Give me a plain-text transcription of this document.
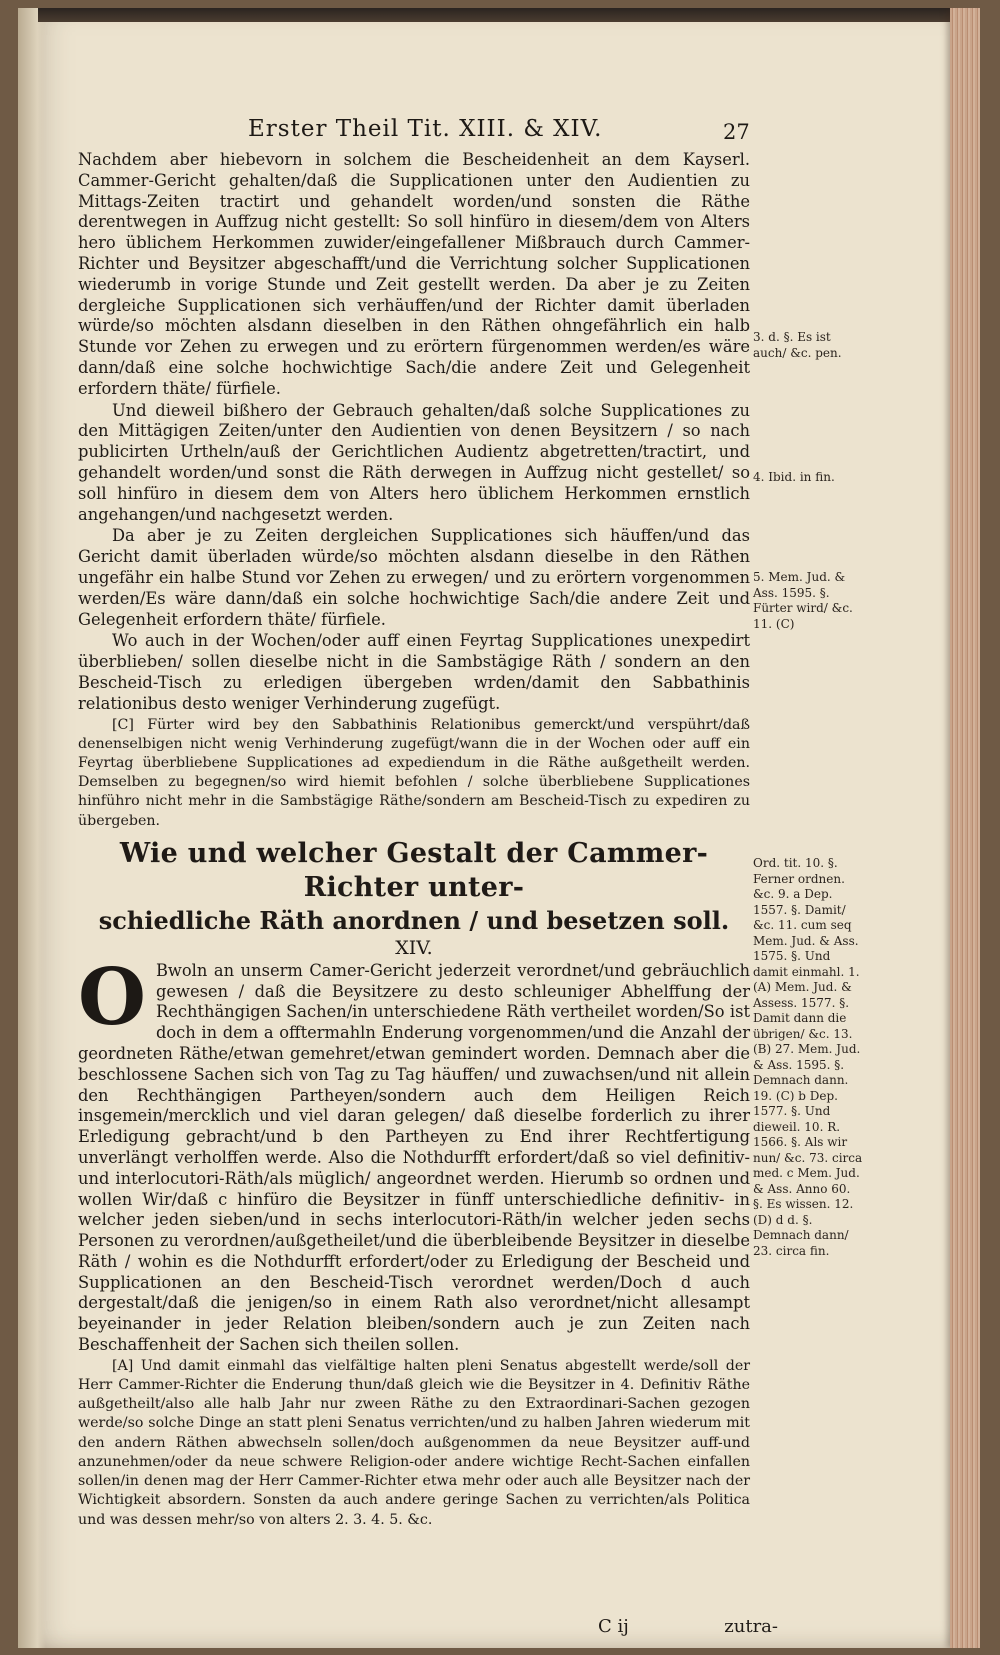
Erster Theil Tit. XIII. & XIV.	27

Nachdem aber hiebevorn in solchem die Bescheidenheit an dem Kayserl. Cammer-Gericht gehalten/daß die Supplicationen unter den Audientien zu Mittags-Zeiten tractirt und gehandelt worden/und sonsten die Räthe derentwegen in Auffzug nicht gestellt: So soll hinfüro in diesem/dem von Alters hero üblichem Herkommen zuwider/eingefallener Mißbrauch durch Cammer-Richter und Beysitzer abgeschafft/und die Verrichtung solcher Supplicationen wiederumb in vorige Stunde und Zeit gestellt werden. Da aber je zu Zeiten dergleiche Supplicationen sich verhäuffen/und der Richter damit überladen würde/so möchten alsdann dieselben in den Räthen ohngefährlich ein halb Stunde vor Zehen zu erwegen und zu erörtern fürgenommen werden/es wäre dann/daß eine solche hochwichtige Sach/die andere Zeit und Gelegenheit erfordern thäte/ fürfiele.

Und dieweil bißhero der Gebrauch gehalten/daß solche Supplicationes zu den Mittägigen Zeiten/unter den Audientien von denen Beysitzern / so nach publicirten Urtheln/auß der Gerichtlichen Audientz abgetretten/tractirt, und gehandelt worden/und sonst die Räth derwegen in Auffzug nicht gestellet/ so soll hinfüro in diesem dem von Alters hero üblichem Herkommen ernstlich angehangen/und nachgesetzt werden.

Da aber je zu Zeiten dergleichen Supplicationes sich häuffen/und das Gericht damit überladen würde/so möchten alsdann dieselbe in den Räthen ungefähr ein halbe Stund vor Zehen zu erwegen/ und zu erörtern vorgenommen werden/Es wäre dann/daß ein solche hochwichtige Sach/die andere Zeit und Gelegenheit erfordern thäte/ fürfiele.

Wo auch in der Wochen/oder auff einen Feyrtag Supplicationes unexpedirt überblieben/ sollen dieselbe nicht in die Sambstägige Räth / sondern an den Bescheid-Tisch zu erledigen übergeben wrden/damit den Sabbathinis relationibus desto weniger Verhinderung zugefügt.

[C] Fürter wird bey den Sabbathinis Relationibus gemerckt/und verspührt/daß denenselbigen nicht wenig Verhinderung zugefügt/wann die in der Wochen oder auff ein Feyrtag überbliebene Supplicationes ad expediendum in die Räthe außgetheilt werden. Demselben zu begegnen/so wird hiemit befohlen / solche überbliebene Supplicationes hinführo nicht mehr in die Sambstägige Räthe/sondern am Bescheid-Tisch zu expediren zu übergeben.

Wie und welcher Gestalt der Cammer-Richter unter-
schiedliche Räth anordnen / und besetzen soll.
XIV.

O Bwoln an unserm Camer-Gericht jederzeit verordnet/und gebräuchlich gewesen / daß die Beysitzere zu desto schleuniger Abhelffung der Rechthängigen Sachen/in unterschiedene Räth vertheilet worden/So ist doch in dem a offtermahln Enderung vorgenommen/und die Anzahl der geordneten Räthe/etwan gemehret/etwan gemindert worden. Demnach aber die beschlossene Sachen sich von Tag zu Tag häuffen/ und zuwachsen/und nit allein den Rechthängigen Partheyen/sondern auch dem Heiligen Reich insgemein/mercklich und viel daran gelegen/ daß dieselbe forderlich zu ihrer Erledigung gebracht/und b den Partheyen zu End ihrer Rechtfertigung unverlängt verholffen werde. Also die Nothdurfft erfordert/daß so viel definitiv- und interlocutori-Räth/als müglich/ angeordnet werden. Hierumb so ordnen und wollen Wir/daß c hinfüro die Beysitzer in fünff unterschiedliche definitiv- in welcher jeden sieben/und in sechs interlocutori-Räth/in welcher jeden sechs Personen zu verordnen/außgetheilet/und die überbleibende Beysitzer in dieselbe Räth / wohin es die Nothdurfft erfordert/oder zu Erledigung der Bescheid und Supplicationen an den Bescheid-Tisch verordnet werden/Doch d auch dergestalt/daß die jenigen/so in einem Rath also verordnet/nicht allesampt beyeinander in jeder Relation bleiben/sondern auch je zun Zeiten nach Beschaffenheit der Sachen sich theilen sollen.

[A] Und damit einmahl das vielfältige halten pleni Senatus abgestellt werde/soll der Herr Cammer-Richter die Enderung thun/daß gleich wie die Beysitzer in 4. Definitiv Räthe außgetheilt/also alle halb Jahr nur zween Räthe zu den Extraordinari-Sachen gezogen werde/so solche Dinge an statt pleni Senatus verrichten/und zu halben Jahren wiederum mit den andern Räthen abwechseln sollen/doch außgenommen da neue Beysitzer auff-und anzunehmen/oder da neue schwere Religion-oder andere wichtige Recht-Sachen einfallen sollen/in denen mag der Herr Cammer-Richter etwa mehr oder auch alle Beysitzer nach der Wichtigkeit absordern. Sonsten da auch andere geringe Sachen zu verrichten/als Politica und was dessen mehr/so von alters 2. 3. 4. 5. &c.

3. d. §. Es ist auch/ &c. pen.
4. Ibid. in fin.
5. Mem. Jud. & Ass. 1595. §. Fürter wird/ &c. 11. (C)
Ord. tit. 10. §. Ferner ordnen. &c. 9. a Dep. 1557. §. Damit/ &c. 11. cum seq Mem. Jud. & Ass. 1575. §. Und damit einmahl. 1. (A) Mem. Jud. & Assess. 1577. §. Damit dann die übrigen/ &c. 13. (B) 27. Mem. Jud. & Ass. 1595. §. Demnach dann. 19. (C) b Dep. 1577. §. Und dieweil. 10. R. 1566. §. Als wir nun/ &c. 73. circa med. c Mem. Jud. & Ass. Anno 60. §. Es wissen. 12. (D) d d. §. Demnach dann/ 23. circa fin.
C ij	zutra-
